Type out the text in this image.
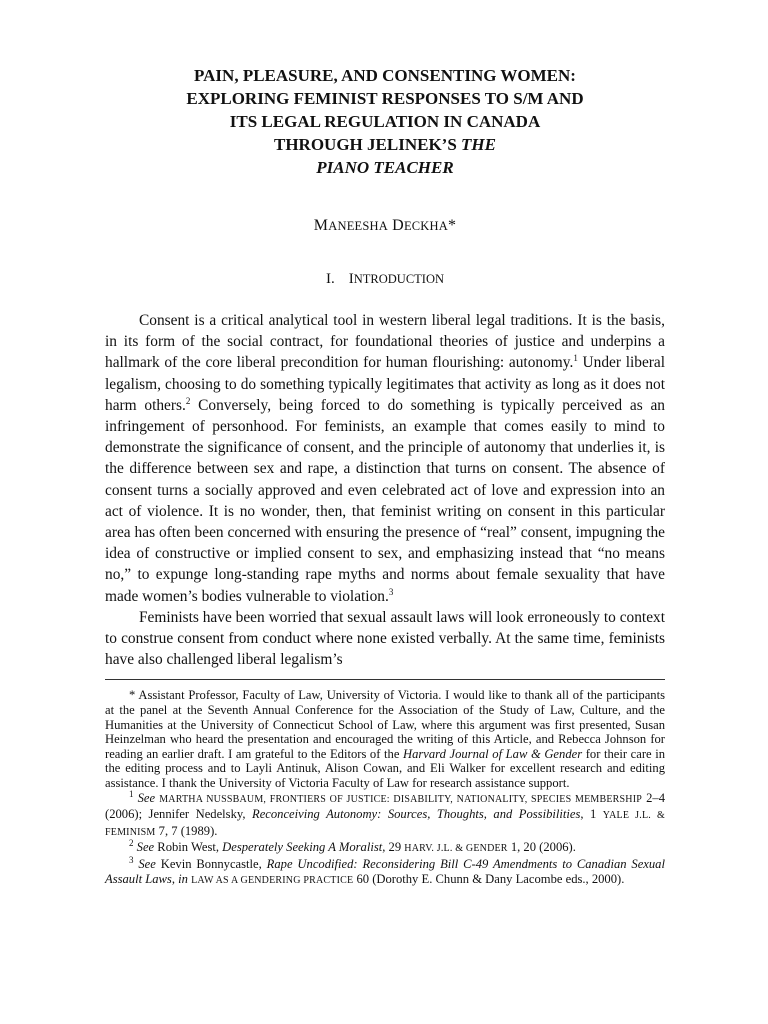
PAIN, PLEASURE, AND CONSENTING WOMEN:
EXPLORING FEMINIST RESPONSES TO S/M AND
ITS LEGAL REGULATION IN CANADA
THROUGH JELINEK’S THE
PIANO TEACHER
MANEESHA DECKHA*
I. INTRODUCTION

Consent is a critical analytical tool in western liberal legal traditions. It is the basis, in its form of the social contract, for foundational theories of justice and underpins a hallmark of the core liberal precondition for human flourishing: autonomy.$^1$ Under liberal legalism, choosing to do something typically legitimates that activity as long as it does not harm others.$^2$ Conversely, being forced to do something is typically perceived as an infringement of personhood. For feminists, an example that comes easily to mind to demonstrate the significance of consent, and the principle of autonomy that underlies it, is the difference between sex and rape, a distinction that turns on consent. The absence of consent turns a socially approved and even celebrated act of love and expression into an act of violence. It is no wonder, then, that feminist writing on consent in this particular area has often been concerned with ensuring the presence of “real” consent, impugning the idea of constructive or implied consent to sex, and emphasizing instead that “no means no,” to expunge long-standing rape myths and norms about female sexuality that have made women’s bodies vulnerable to violation.$^3$

Feminists have been worried that sexual assault laws will look erroneously to context to construe consent from conduct where none existed verbally. At the same time, feminists have also challenged liberal legalism’s

* Assistant Professor, Faculty of Law, University of Victoria. I would like to thank all of the participants at the panel at the Seventh Annual Conference for the Association of the Study of Law, Culture, and the Humanities at the University of Connecticut School of Law, where this argument was first presented, Susan Heinzelman who heard the presentation and encouraged the writing of this Article, and Rebecca Johnson for reading an earlier draft. I am grateful to the Editors of the Harvard Journal of Law & Gender for their care in the editing process and to Layli Antinuk, Alison Cowan, and Eli Walker for excellent research and editing assistance. I thank the University of Victoria Faculty of Law for research assistance support.

$^1$ See MARTHA NUSSBAUM, FRONTIERS OF JUSTICE: DISABILITY, NATIONALITY, SPECIES MEMBERSHIP 2–4 (2006); Jennifer Nedelsky, Reconceiving Autonomy: Sources, Thoughts, and Possibilities, 1 YALE J.L. & FEMINISM 7, 7 (1989).

$^2$ See Robin West, Desperately Seeking A Moralist, 29 HARV. J.L. & GENDER 1, 20 (2006).

$^3$ See Kevin Bonnycastle, Rape Uncodified: Reconsidering Bill C-49 Amendments to Canadian Sexual Assault Laws, in LAW AS A GENDERING PRACTICE 60 (Dorothy E. Chunn & Dany Lacombe eds., 2000).
